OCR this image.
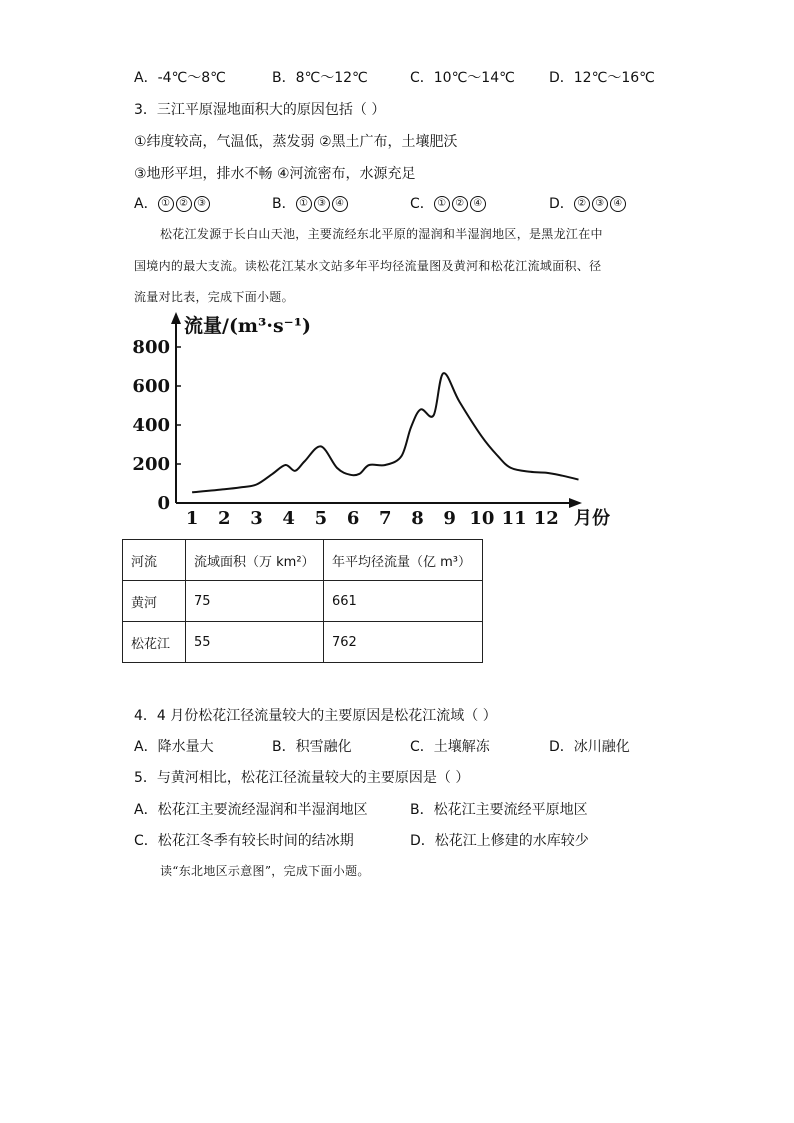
A．-4℃～8℃	B．8℃～12℃	C．10℃～14℃ D．12℃～16℃
3．三江平原湿地面积大的原因包括（ ）
①纬度较高，气温低，蒸发弱 ②黑土广布，土壤肥沃
③地形平坦，排水不畅 ④河流密布，水源充足
A． ① ② ③	B． ① ③ ④	C． ① ② ④	D． ② ③ ④
松花江发源于长白山天池，主要流经东北平原的湿润和半湿润地区，是黑龙江在中
国境内的最大支流。读松花江某水文站多年平均径流量图及黄河和松花江流域面积、径
流量对比表，完成下面小题。
流量/(m³·s⁻¹)
月份
800
600
400
200
0
1 2 3 4 5 6 7 8 9 10 11 12
河流	流域面积（万 km²）	年平均径流量（亿 m³）
黄河	75	661
松花江	55	762
4．4 月份松花江径流量较大的主要原因是松花江流域（ ）
A．降水量大	B．积雪融化	C．土壤解冻	D．冰川融化
5．与黄河相比，松花江径流量较大的主要原因是（ ）
A．松花江主要流经湿润和半湿润地区	B．松花江主要流经平原地区
C．松花江冬季有较长时间的结冰期	D．松花江上修建的水库较少
读“东北地区示意图”，完成下面小题。
